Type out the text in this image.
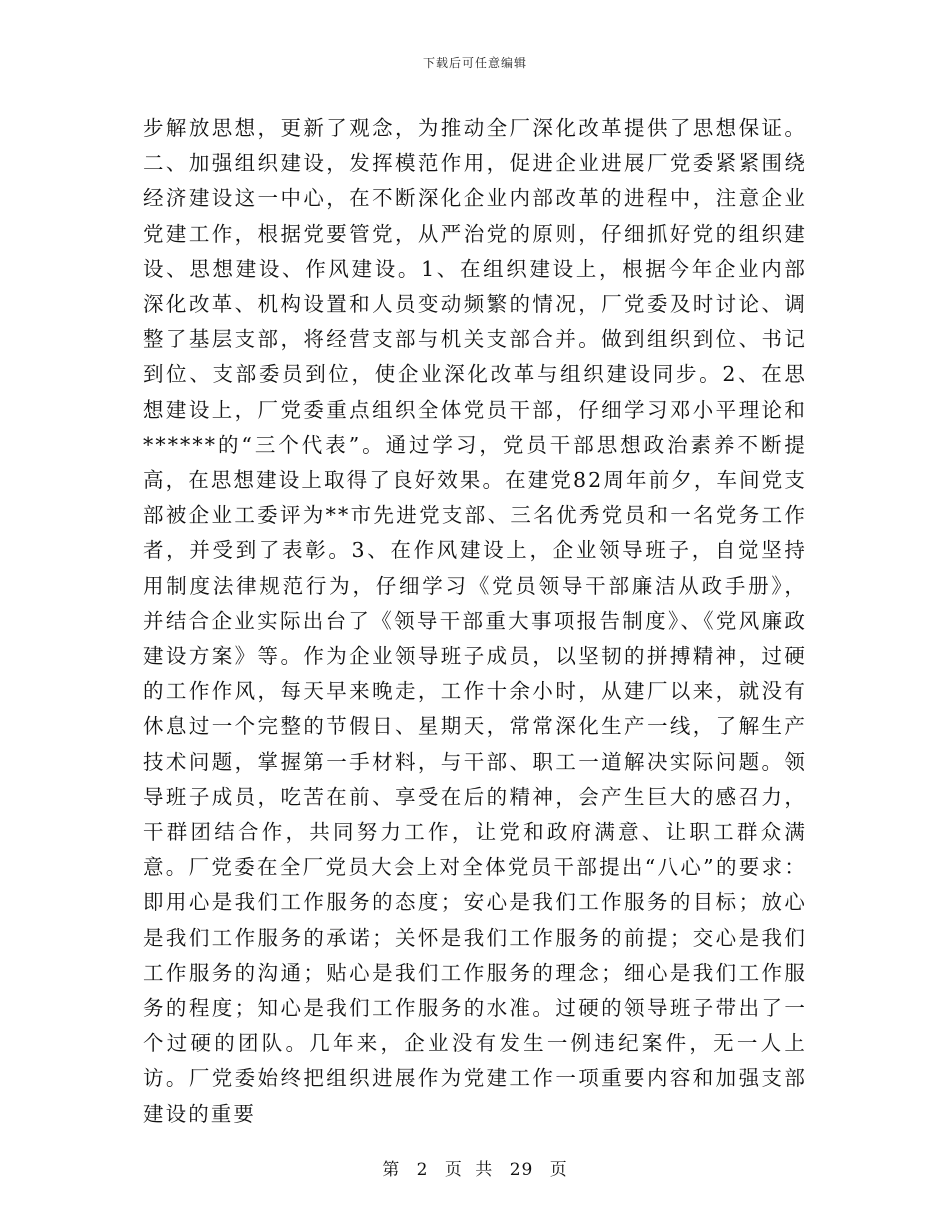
下载后可任意编辑

步解放思想，更新了观念，为推动全厂深化改革提供了思想保证。二、加强组织建设，发挥模范作用，促进企业进展厂党委紧紧围绕经济建设这一中心，在不断深化企业内部改革的进程中，注意企业党建工作，根据党要管党，从严治党的原则，仔细抓好党的组织建设、思想建设、作风建设。1、在组织建设上，根据今年企业内部深化改革、机构设置和人员变动频繁的情况，厂党委及时讨论、调整了基层支部，将经营支部与机关支部合并。做到组织到位、书记到位、支部委员到位，使企业深化改革与组织建设同步。2、在思想建设上，厂党委重点组织全体党员干部，仔细学习邓小平理论和******的“三个代表”。通过学习，党员干部思想政治素养不断提高，在思想建设上取得了良好效果。在建党82周年前夕，车间党支部被企业工委评为**市先进党支部、三名优秀党员和一名党务工作者，并受到了表彰。3、在作风建设上，企业领导班子，自觉坚持用制度法律规范行为，仔细学习《党员领导干部廉洁从政手册》，并结合企业实际出台了《领导干部重大事项报告制度》、《党风廉政建设方案》等。作为企业领导班子成员，以坚韧的拼搏精神，过硬的工作作风，每天早来晚走，工作十余小时，从建厂以来，就没有休息过一个完整的节假日、星期天，常常深化生产一线，了解生产技术问题，掌握第一手材料，与干部、职工一道解决实际问题。领导班子成员，吃苦在前、享受在后的精神，会产生巨大的感召力，干群团结合作，共同努力工作，让党和政府满意、让职工群众满意。厂党委在全厂党员大会上对全体党员干部提出“八心”的要求：即用心是我们工作服务的态度；安心是我们工作服务的目标；放心是我们工作服务的承诺；关怀是我们工作服务的前提；交心是我们工作服务的沟通；贴心是我们工作服务的理念；细心是我们工作服务的程度；知心是我们工作服务的水准。过硬的领导班子带出了一个过硬的团队。几年来，企业没有发生一例违纪案件，无一人上访。厂党委始终把组织进展作为党建工作一项重要内容和加强支部建设的重要

第 2 页 共 29 页
